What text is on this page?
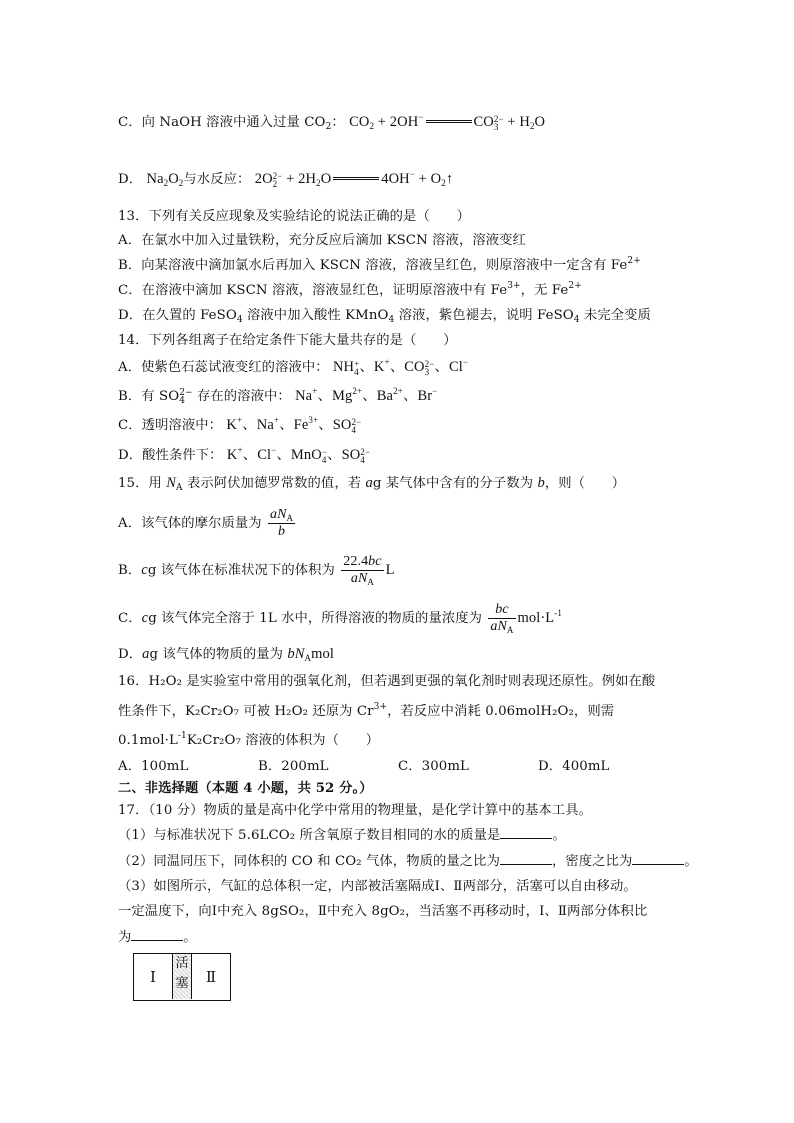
C．向 NaOH 溶液中通入过量 $CO_2$： $CO_2 + 2OH^-$	CO 2−
$3 + H_2O$
D． $Na_2O_2$与水反应： 2O 2−
$2 + 2H_2O$	$4OH^- + O_2↑$
13．下列有关反应现象及实验结论的说法正确的是（　　）
A．在氯水中加入过量铁粉，充分反应后滴加 KSCN 溶液，溶液变红
B．向某溶液中滴加氯水后再加入 KSCN 溶液，溶液呈红色，则原溶液中一定含有 $Fe^{2+}$
C．在溶液中滴加 KSCN 溶液，溶液显红色，证明原溶液中有 $Fe^{3+}$，无 $Fe^{2+}$
D．在久置的 FeSO$_4$ 溶液中加入酸性 KMnO$_4$ 溶液，紫色褪去，说明 FeSO$_4$ 未完全变质
14．下列各组离子在给定条件下能大量共存的是（　　）
A．使紫色石蕊试液变红的溶液中： NH +
4 、K+、CO 2−
3 、Cl−
B．有 SO 2−
4 存在的溶液中： Na+、$Mg^{2+}$、$Ba^{2+}$、Br−
C．透明溶液中： K+、Na+、$Fe^{3+}$、SO 2−
4
D．酸性条件下： K+、Cl−、MnO −
4 、SO 2−
4
15．用 $N_A$ 表示阿伏加德罗常数的值，若 ag 某气体中含有的分子数为 b，则（　　）
A．该气体的摩尔质量为 $\frac{aN_A}{b}$
B．cg 该气体在标准状况下的体积为 $\frac{22.4bc}{aN_A}$ L
C．cg 该气体完全溶于 1L 水中，所得溶液的物质的量浓度为 $\frac{bc}{aN_A} mol\cdot L^{-1}$
D．ag 该气体的物质的量为 $bN_Amol$
16．H₂O₂ 是实验室中常用的强氧化剂，但若遇到更强的氧化剂时则表现还原性。例如在酸
性条件下，K₂Cr₂O₇ 可被 H₂O₂ 还原为 $Cr^{3+}$，若反应中消耗 0.06molH₂O₂，则需
$0.1mol\cdot L^{-1}K_2Cr_2O_7$ 溶液的体积为（　　）
A．100mL	B．200mL	C．300mL	D．400mL
二、非选择题（本题 4 小题，共 52 分。）
17．（10 分）物质的量是高中化学中常用的物理量，是化学计算中的基本工具。
（1）与标准状况下 5.6LCO₂ 所含氧原子数目相同的水的质量是	。
（2）同温同压下，同体积的 CO 和 CO₂ 气体，物质的量之比为	，密度之比为	。
（3）如图所示，气缸的总体积一定，内部被活塞隔成Ⅰ、Ⅱ两部分，活塞可以自由移动。
一定温度下，向Ⅰ中充入 8gSO₂，Ⅱ中充入 8gO₂，当活塞不再移动时，Ⅰ、Ⅱ两部分体积比
为	。
Ⅰ
活塞	Ⅱ
